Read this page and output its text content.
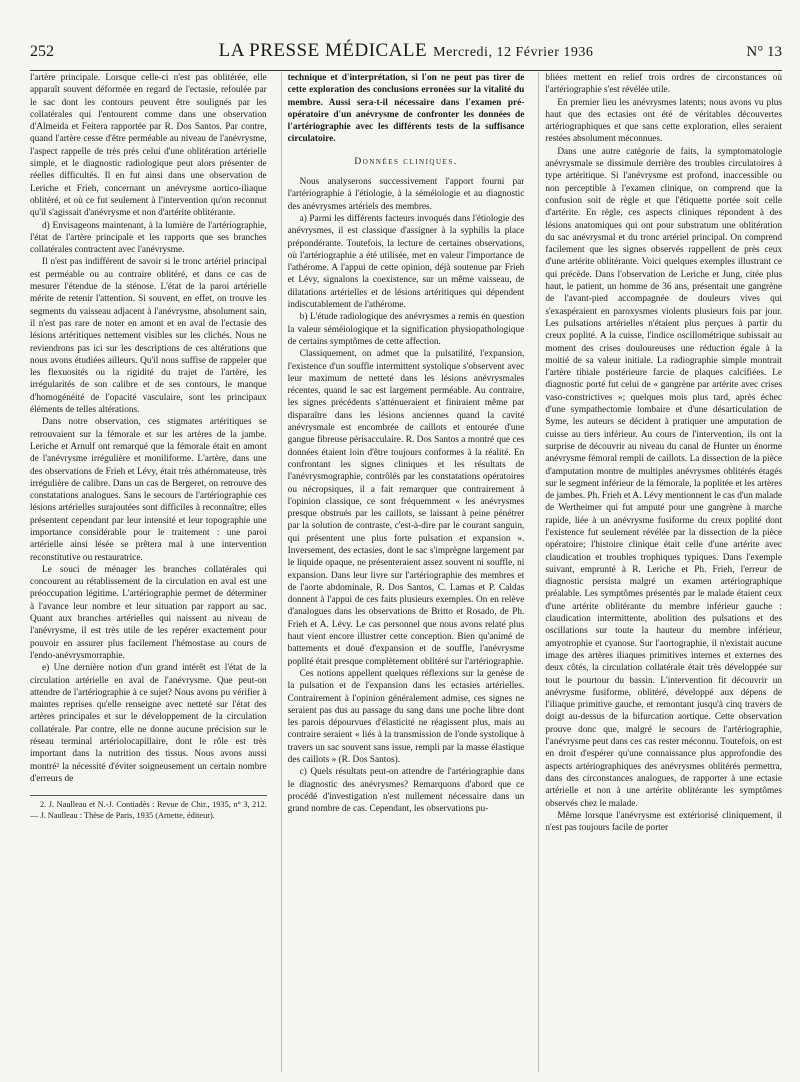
252	LA PRESSE MÉDICALE Mercredi, 12 Février 1936	N° 13

l'artère principale. Lorsque celle-ci n'est pas oblitérée, elle apparaît souvent déformée en regard de l'ectasie, refoulée par le sac dont les contours peuvent être soulignés par les collatérales qui l'entourent comme dans une observation d'Almeida et Feitera rapportée par R. Dos Santos. Par contre, quand l'artère cesse d'être perméable au niveau de l'anévrysme, l'aspect rappelle de très près celui d'une oblitération artérielle simple, et le diagnostic radiologique peut alors présenter de réelles difficultés. Il en fut ainsi dans une observation de Leriche et Frieh, concernant un anévrysme aortico-iliaque oblitéré, et où ce fut seulement à l'intervention qu'on reconnut qu'il s'agissait d'anévrysme et non d'artérite oblitérante.

d) Envisageons maintenant, à la lumière de l'artériographie, l'état de l'artère principale et les rapports que ses branches collatérales contractent avec l'anévrysme.

Il n'est pas indifférent de savoir si le tronc artériel principal est perméable ou au contraire oblitéré, et dans ce cas de mesurer l'étendue de la sténose. L'état de la paroi artérielle mérite de retenir l'attention. Si souvent, en effet, on trouve les segments du vaisseau adjacent à l'anévrysme, absolument sain, il n'est pas rare de noter en amont et en aval de l'ectasie des lésions artéritiques nettement visibles sur les clichés. Nous ne reviendrons pas ici sur les descriptions de ces altérations que nous avons étudiées ailleurs. Qu'il nous suffise de rappeler que les flexuosités ou la rigidité du trajet de l'artère, les irrégularités de son calibre et de ses contours, le manque d'homogénéité de l'opacité vasculaire, sont les principaux éléments de telles altérations.

Dans notre observation, ces stigmates artéritiques se retrouvaient sur la fémorale et sur les artères de la jambe. Leriche et Arnulf ont remarqué que la fémorale était en amont de l'anévrysme irrégulière et moniliforme. L'artère, dans une des observations de Frieh et Lévy, était très athéromateuse, très irrégulière de calibre. Dans un cas de Bergeret, on retrouve des constatations analogues. Sans le secours de l'artériographie ces lésions artérielles surajoutées sont difficiles à reconnaître; elles présentent cependant par leur intensité et leur topographie une importance considérable pour le traitement : une paroi artérielle ainsi lésée se prêtera mal à une intervention reconstitutive ou restauratrice.

Le souci de ménager les branches collatérales qui concourent au rétablissement de la circulation en aval est une préoccupation légitime. L'artériographie permet de déterminer à l'avance leur nombre et leur situation par rapport au sac. Quant aux branches artérielles qui naissent au niveau de l'anévrysme, il est très utile de les repérer exactement pour pouvoir en assurer plus facilement l'hémostase au cours de l'endo-anévrysmorraphie.

e) Une dernière notion d'un grand intérêt est l'état de la circulation artérielle en aval de l'anévrysme. Que peut-on attendre de l'artériographie à ce sujet? Nous avons pu vérifier à maintes reprises qu'elle renseigne avec netteté sur l'état des artères principales et sur le développement de la circulation collatérale. Par contre, elle ne donne aucune précision sur le réseau terminal artériolocapillaire, dont le rôle est très important dans la nutrition des tissus. Nous avons aussi montré² la nécessité d'éviter soigneusement un certain nombre d'erreurs de

2. J. Naulleau et N.-J. Contiadès : Revue de Chir., 1935, n° 3, 212. — J. Naulleau : Thèse de Paris, 1935 (Arnette, éditeur).

technique et d'interprétation, si l'on ne peut pas tirer de cette exploration des conclusions erronées sur la vitalité du membre. Aussi sera-t-il nécessaire dans l'examen pré-opératoire d'un anévrysme de confronter les données de l'artériographie avec les différents tests de la suffisance circulatoire.

Données cliniques.

Nous analyserons successivement l'apport fourni par l'artériographie à l'étiologie, à la séméiologie et au diagnostic des anévrysmes artériels des membres.

a) Parmi les différents facteurs invoqués dans l'étiologie des anévrysmes, il est classique d'assigner à la syphilis la place prépondérante. Toutefois, la lecture de certaines observations, où l'artériographie a été utilisée, met en valeur l'importance de l'athérome. A l'appui de cette opinion, déjà soutenue par Frieh et Lévy, signalons la coexistence, sur un même vaisseau, de dilatations artérielles et de lésions artéritiques qui dépendent indiscutablement de l'athérome.

b) L'étude radiologique des anévrysmes a remis en question la valeur séméiologique et la signification physiopathologique de certains symptômes de cette affection.

Classiquement, on admet que la pulsatilité, l'expansion, l'existence d'un souffle intermittent systolique s'observent avec leur maximum de netteté dans les lésions anévrysmales récentes, quand le sac est largement perméable. Au contraire, les signes précédents s'atténueraient et finiraient même par disparaître dans les lésions anciennes quand la cavité anévrysmale est encombrée de caillots et entourée d'une gangue fibreuse périsacculaire. R. Dos Santos a montré que ces données étaient loin d'être toujours conformes à la réalité. En confrontant les signes cliniques et les résultats de l'anévrysmographie, contrôlés par les constatations opératoires ou nécropsiques, il a fait remarquer que contrairement à l'opinion classique, ce sont fréquemment « les anévrysmes presque obstrués par les caillots, se laissant à peine pénétrer par la solution de contraste, c'est-à-dire par le courant sanguin, qui présentent une plus forte pulsation et expansion ». Inversement, des ectasies, dont le sac s'imprègne largement par le liquide opaque, ne présenteraient assez souvent ni souffle, ni expansion. Dans leur livre sur l'artériographie des membres et de l'aorte abdominale, R. Dos Santos, C. Lamas et P. Caldas donnent à l'appui de ces faits plusieurs exemples. On en relève d'analogues dans les observations de Britto et Rosado, de Ph. Frieh et A. Lévy. Le cas personnel que nous avons relaté plus haut vient encore illustrer cette conception. Bien qu'animé de battements et doué d'expansion et de souffle, l'anévrysme poplité était presque complètement oblitéré sur l'artériographie.

Ces notions appellent quelques réflexions sur la genèse de la pulsation et de l'expansion dans les ectasies artérielles. Contrairement à l'opinion généralement admise, ces signes ne seraient pas dus au passage du sang dans une poche libre dont les parois dépourvues d'élasticité ne réagissent plus, mais au contraire seraient « liés à la transmission de l'onde systolique à travers un sac souvent sans issue, rempli par la masse élastique des caillots » (R. Dos Santos).

c) Quels résultats peut-on attendre de l'artériographie dans le diagnostic des anévrysmes? Remarquons d'abord que ce procédé d'investigation n'est nullement nécessaire dans un grand nombre de cas. Cependant, les observations pu-

bliées mettent en relief trois ordres de circonstances où l'artériographie s'est révélée utile.

En premier lieu les anévrysmes latents; nous avons vu plus haut que des ectasies ont été de véritables découvertes artériographiques et que sans cette exploration, elles seraient restées absolument méconnues.

Dans une autre catégorie de faits, la symptomatologie anévrysmale se dissimule derrière des troubles circulatoires à type artéritique. Si l'anévrysme est profond, inaccessible ou non perceptible à l'examen clinique, on comprend que la confusion soit de règle et que l'étiquette portée soit celle d'artérite. En règle, ces aspects cliniques répondent à des lésions anatomiques qui ont pour substratum une oblitération du sac anévrysmal et du tronc artériel principal. On comprend facilement que les signes observés rappellent de près ceux d'une artérite oblitérante. Voici quelques exemples illustrant ce qui précède. Dans l'observation de Leriche et Jung, citée plus haut, le patient, un homme de 36 ans, présentait une gangrène de l'avant-pied accompagnée de douleurs vives qui s'exaspéraient en paroxysmes violents plusieurs fois par jour. Les pulsations artérielles n'étaient plus perçues à partir du creux poplité. A la cuisse, l'indice oscillométrique subissait au moment des crises douloureuses une réduction égale à la moitié de sa valeur initiale. La radiographie simple montrait l'artère tibiale postérieure farcie de plaques calcifiées. Le diagnostic porté fut celui de « gangrène par artérite avec crises vaso-constrictives »; quelques mois plus tard, après échec d'une sympathectomie lombaire et d'une désarticulation de Syme, les auteurs se décident à pratiquer une amputation de cuisse au tiers inférieur. Au cours de l'intervention, ils ont la surprise de découvrir au niveau du canal de Hunter un énorme anévrysme fémoral rempli de caillots. La dissection de la pièce d'amputation montre de multiples anévrysmes oblitérés étagés sur le segment inférieur de la fémorale, la poplitée et les artères de jambes. Ph. Frieh et A. Lévy mentionnent le cas d'un malade de Wertheimer qui fut amputé pour une gangrène à marche rapide, liée à un anévrysme fusiforme du creux poplité dont l'existence fut seulement révélée par la dissection de la pièce opératoire; l'histoire clinique était celle d'une artérite avec claudication et troubles trophiques typiques. Dans l'exemple suivant, emprunté à R. Leriche et Ph. Frieh, l'erreur de diagnostic persista malgré un examen artériographique préalable. Les symptômes présentés par le malade étaient ceux d'une artérite oblitérante du membre inférieur gauche : claudication intermittente, abolition des pulsations et des oscillations sur toute la hauteur du membre inférieur, amyotrophie et cyanose. Sur l'aortographie, il n'existait aucune image des artères iliaques primitives internes et externes des deux côtés, la circulation collatérale était très développée sur tout le pourtour du bassin. L'intervention fit découvrir un anévrysme fusiforme, oblitéré, développé aux dépens de l'iliaque primitive gauche, et remontant jusqu'à cinq travers de doigt au-dessus de la bifurcation aortique. Cette observation prouve donc que, malgré le secours de l'artériographie, l'anévrysme peut dans ces cas rester méconnu. Toutefois, on est en droit d'espérer qu'une connaissance plus approfondie des aspects artériographiques des anévrysmes oblitérés permettra, dans des circonstances analogues, de rapporter à une ectasie artérielle et non à une artérite oblitérante les symptômes observés chez le malade.

Même lorsque l'anévrysme est extériorisé cliniquement, il n'est pas toujours facile de porter
